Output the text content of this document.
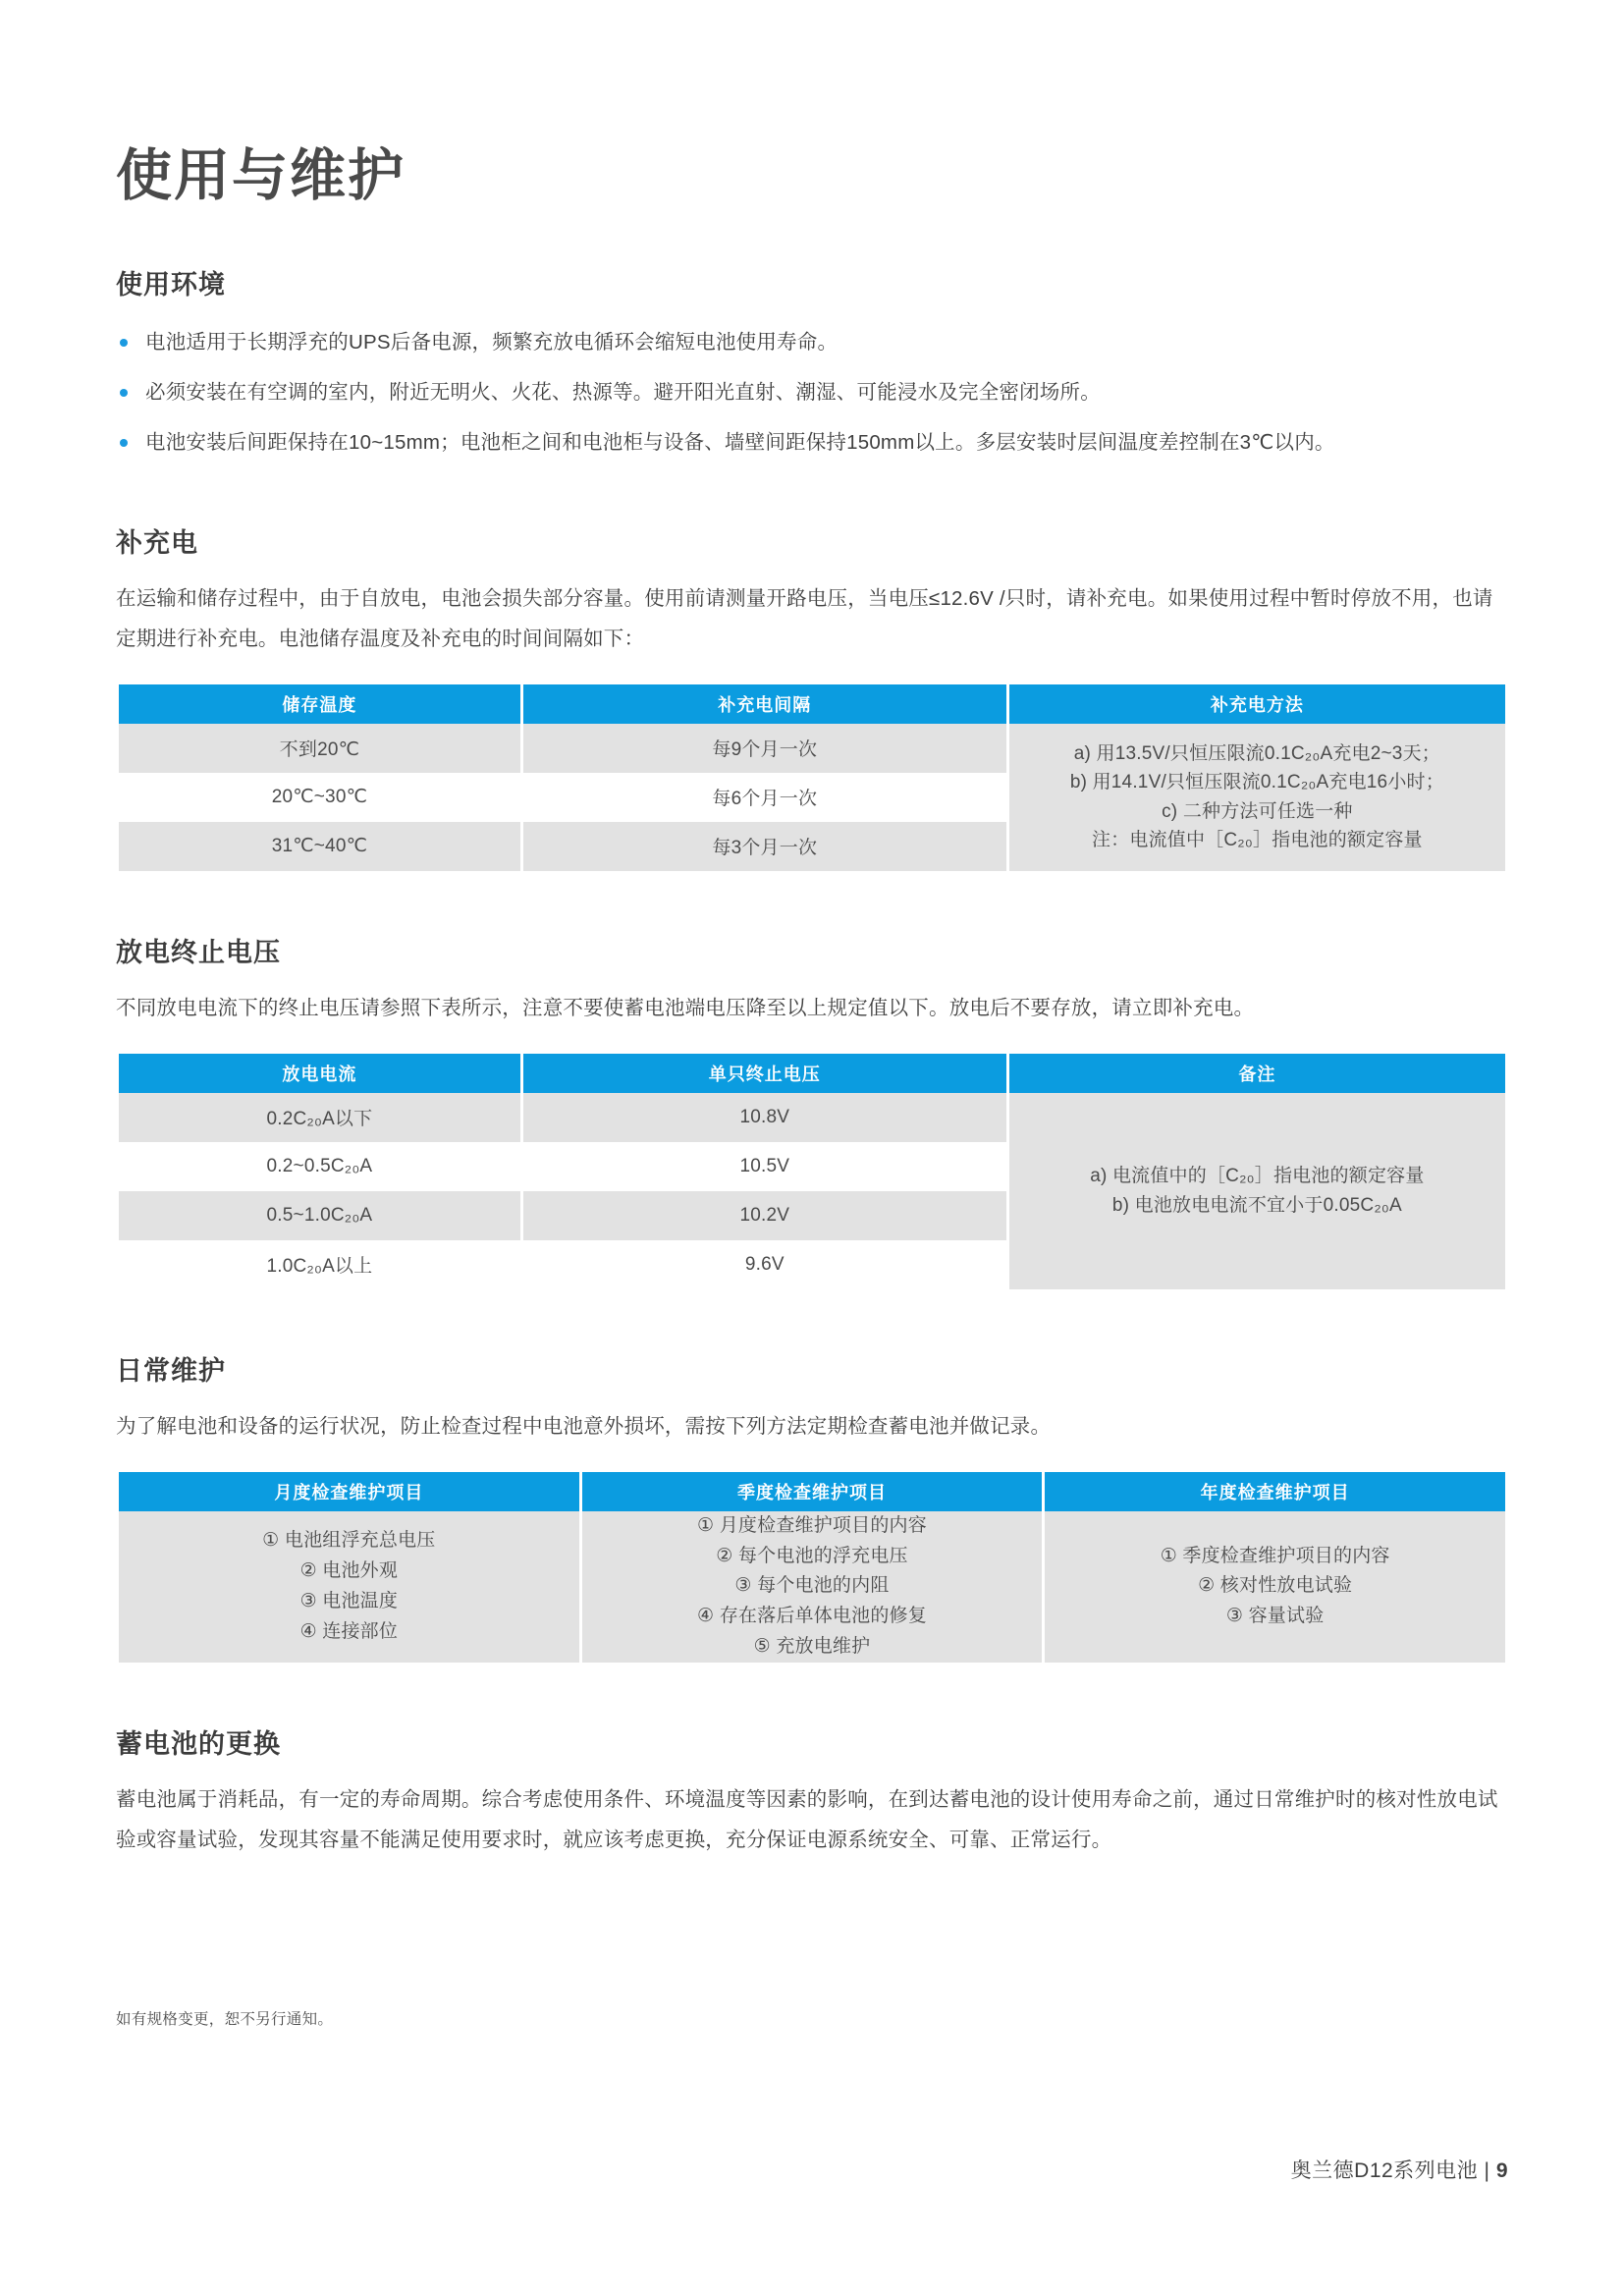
使用与维护
使用环境
电池适用于长期浮充的UPS后备电源，频繁充放电循环会缩短电池使用寿命。
必须安装在有空调的室内，附近无明火、火花、热源等。避开阳光直射、潮湿、可能浸水及完全密闭场所。
电池安装后间距保持在10~15mm；电池柜之间和电池柜与设备、墙壁间距保持150mm以上。多层安装时层间温度差控制在3℃以内。
补充电

在运输和储存过程中，由于自放电，电池会损失部分容量。使用前请测量开路电压，当电压≤12.6V /只时，请补充电。如果使用过程中暂时停放不用，也请定期进行补充电。电池储存温度及补充电的时间间隔如下：

储存温度	补充电间隔	补充电方法
不到20℃	每9个月一次	a) 用13.5V/只恒压限流0.1C₂₀A充电2~3天；
b) 用14.1V/只恒压限流0.1C₂₀A充电16小时；
c) 二种方法可任选一种
注：电流值中［C₂₀］指电池的额定容量

20℃~30℃	每6个月一次	
31℃~40℃	每3个月一次	
放电终止电压

不同放电电流下的终止电压请参照下表所示，注意不要使蓄电池端电压降至以上规定值以下。放电后不要存放，请立即补充电。

放电电流	单只终止电压	备注
0.2C₂₀A以下	10.8V	a) 电流值中的［C₂₀］指电池的额定容量
b) 电池放电电流不宜小于0.05C₂₀A

0.2~0.5C₂₀A	10.5V	
0.5~1.0C₂₀A	10.2V	
1.0C₂₀A以上	9.6V	
日常维护

为了解电池和设备的运行状况，防止检查过程中电池意外损坏，需按下列方法定期检查蓄电池并做记录。

月度检查维护项目	季度检查维护项目	年度检查维护项目

① 电池组浮充总电压
② 电池外观
③ 电池温度
④ 连接部位

① 月度检查维护项目的内容
② 每个电池的浮充电压
③ 每个电池的内阻
④ 存在落后单体电池的修复
⑤ 充放电维护

① 季度检查维护项目的内容
② 核对性放电试验
③ 容量试验
蓄电池的更换

蓄电池属于消耗品，有一定的寿命周期。综合考虑使用条件、环境温度等因素的影响，在到达蓄电池的设计使用寿命之前，通过日常维护时的核对性放电试验或容量试验，发现其容量不能满足使用要求时，就应该考虑更换，充分保证电源系统安全、可靠、正常运行。

如有规格变更，恕不另行通知。
奥兰德D12系列电池 | 9
